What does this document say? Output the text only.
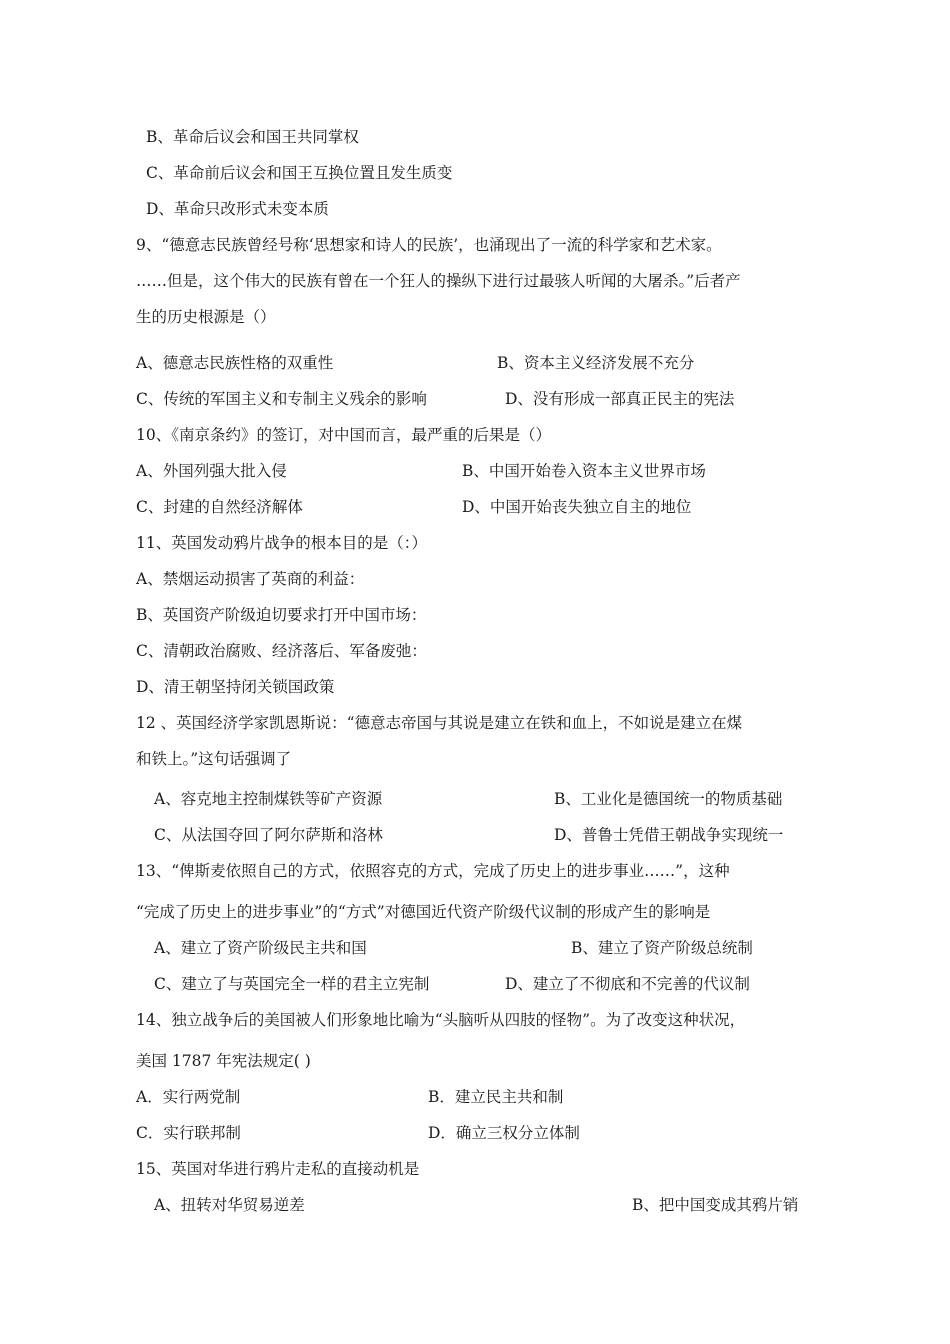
B、革命后议会和国王共同掌权
C、革命前后议会和国王互换位置且发生质变
D、革命只改形式未变本质
9、“德意志民族曾经号称‘思想家和诗人的民族’，也涌现出了一流的科学家和艺术家。
……但是，这个伟大的民族有曾在一个狂人的操纵下进行过最骇人听闻的大屠杀。”后者产
生的历史根源是（）
A、德意志民族性格的双重性	B、资本主义经济发展不充分
C、传统的军国主义和专制主义残余的影响	D、没有形成一部真正民主的宪法
10、《南京条约》的签订，对中国而言，最严重的后果是（）
A、外国列强大批入侵	B、中国开始卷入资本主义世界市场
C、封建的自然经济解体	D、中国开始丧失独立自主的地位
11、英国发动鸦片战争的根本目的是（：）
A、禁烟运动损害了英商的利益：
B、英国资产阶级迫切要求打开中国市场：
C、清朝政治腐败、经济落后、军备废弛：
D、清王朝坚持闭关锁国政策
12 、英国经济学家凯恩斯说：“德意志帝国与其说是建立在铁和血上，不如说是建立在煤
和铁上。”这句话强调了
A、容克地主控制煤铁等矿产资源	B、工业化是德国统一的物质基础
C、从法国夺回了阿尔萨斯和洛林	D、普鲁士凭借王朝战争实现统一
13、“俾斯麦依照自己的方式，依照容克的方式，完成了历史上的进步事业……”，这种
“完成了历史上的进步事业”的“方式”对德国近代资产阶级代议制的形成产生的影响是
A、建立了资产阶级民主共和国	B、建立了资产阶级总统制
C、建立了与英国完全一样的君主立宪制	D、建立了不彻底和不完善的代议制
14、独立战争后的美国被人们形象地比喻为“头脑听从四肢的怪物”。为了改变这种状况，
美国 1787 年宪法规定( )
A．实行两党制	B．建立民主共和制
C．实行联邦制	D．确立三权分立体制
15、英国对华进行鸦片走私的直接动机是
A、扭转对华贸易逆差	B、把中国变成其鸦片销
